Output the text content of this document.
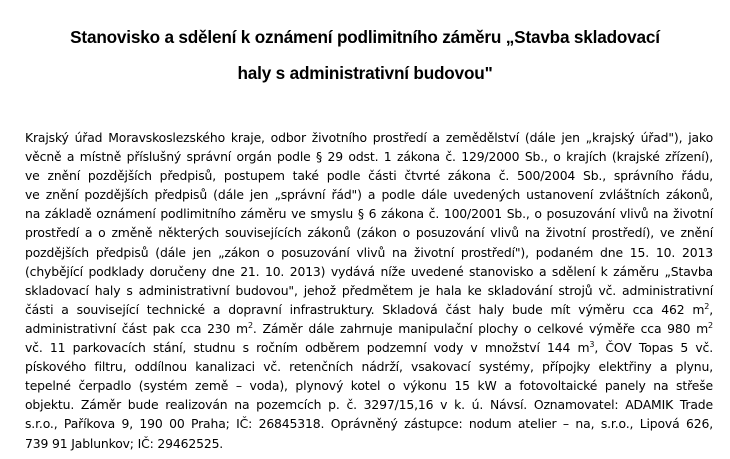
Stanovisko a sdělení k oznámení podlimitního záměru „Stavba skladovací
haly s administrativní budovou"
Krajský úřad Moravskoslezského kraje, odbor životního prostředí a zemědělství (dále jen „krajský úřad"), jako
věcně a místně příslušný správní orgán podle § 29 odst. 1 zákona č. 129/2000 Sb., o krajích (krajské zřízení),
ve znění pozdějších předpisů, postupem také podle části čtvrté zákona č. 500/2004 Sb., správního řádu,
ve znění pozdějších předpisů (dále jen „správní řád") a podle dále uvedených ustanovení zvláštních zákonů,
na základě oznámení podlimitního záměru ve smyslu § 6 zákona č. 100/2001 Sb., o posuzování vlivů na životní
prostředí a o změně některých souvisejících zákonů (zákon o posuzování vlivů na životní prostředí), ve znění
pozdějších předpisů (dále jen „zákon o posuzování vlivů na životní prostředí"), podaném dne 15. 10. 2013
(chybějící podklady doručeny dne 21. 10. 2013) vydává níže uvedené stanovisko a sdělení k záměru „Stavba
skladovací haly s administrativní budovou", jehož předmětem je hala ke skladování strojů vč. administrativní
části a související technické a dopravní infrastruktury. Skladová část haly bude mít výměru cca 462 $m^2$,
administrativní část pak cca 230 $m^2$. Záměr dále zahrnuje manipulační plochy o celkové výměře cca 980 $m^2$
vč. 11 parkovacích stání, studnu s ročním odběrem podzemní vody v množství 144 $m^3$, ČOV Topas 5 vč.
pískového filtru, oddílnou kanalizaci vč. retenčních nádrží, vsakovací systémy, přípojky elektřiny a plynu,
tepelné čerpadlo (systém země – voda), plynový kotel o výkonu 15 kW a fotovoltaické panely na střeše
objektu. Záměr bude realizován na pozemcích p. č. 3297/15,16 v k. ú. Návsí. Oznamovatel: ADAMIK Trade
s.r.o., Paříkova 9, 190 00 Praha; IČ: 26845318. Oprávněný zástupce: nodum atelier – na, s.r.o., Lipová 626,
739 91 Jablunkov; IČ: 29462525.
